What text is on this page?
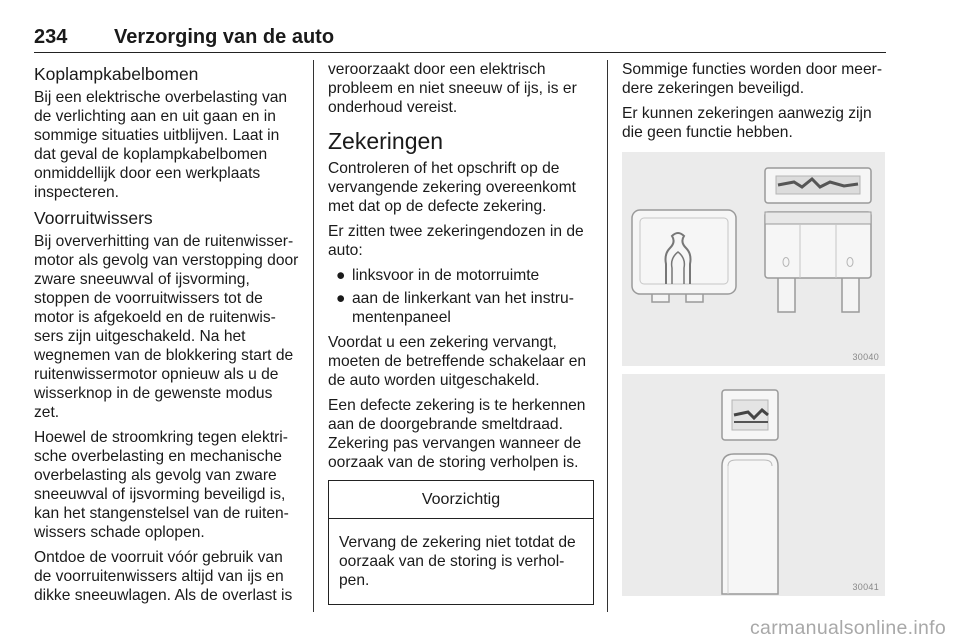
234 Verzorging van de auto
Koplampkabelbomen

Bij een elektrische overbelasting van de verlichting aan en uit gaan en in sommige situaties uitblijven. Laat in dat geval de koplampkabelbomen onmiddellijk door een werkplaats inspecteren.

Voorruitwissers

Bij oververhitting van de ruitenwissermotor als gevolg van verstopping door zware sneeuwval of ijsvorming, stoppen de voorruitwissers tot de motor is afgekoeld en de ruitenwissers zijn uitgeschakeld. Na het wegnemen van de blokkering start de ruitenwissermotor opnieuw als u de wisserknop in de gewenste modus zet.

Hoewel de stroomkring tegen elektrische overbelasting en mechanische overbelasting als gevolg van zware sneeuwval of ijsvorming beveiligd is, kan het stangenstelsel van de ruitenwissers schade oplopen.

Ontdoe de voorruit vóór gebruik van de voorruitenwissers altijd van ijs en dikke sneeuwlagen. Als de overlast is

veroorzaakt door een elektrisch probleem en niet sneeuw of ijs, is er onderhoud vereist.

Zekeringen

Controleren of het opschrift op de vervangende zekering overeenkomt met dat op de defecte zekering.

Er zitten twee zekeringendozen in de auto:

● linksvoor in de motorruimte
● aan de linkerkant van het instrumentenpaneel

Voordat u een zekering vervangt, moeten de betreffende schakelaar en de auto worden uitgeschakeld.

Een defecte zekering is te herkennen aan de doorgebrande smeltdraad. Zekering pas vervangen wanneer de oorzaak van de storing verholpen is.

Voorzichtig
Vervang de zekering niet totdat de oorzaak van de storing is verholpen.

Sommige functies worden door meerdere zekeringen beveiligd.

Er kunnen zekeringen aanwezig zijn die geen functie hebben.

30040
30041
carmanualsonline.info
